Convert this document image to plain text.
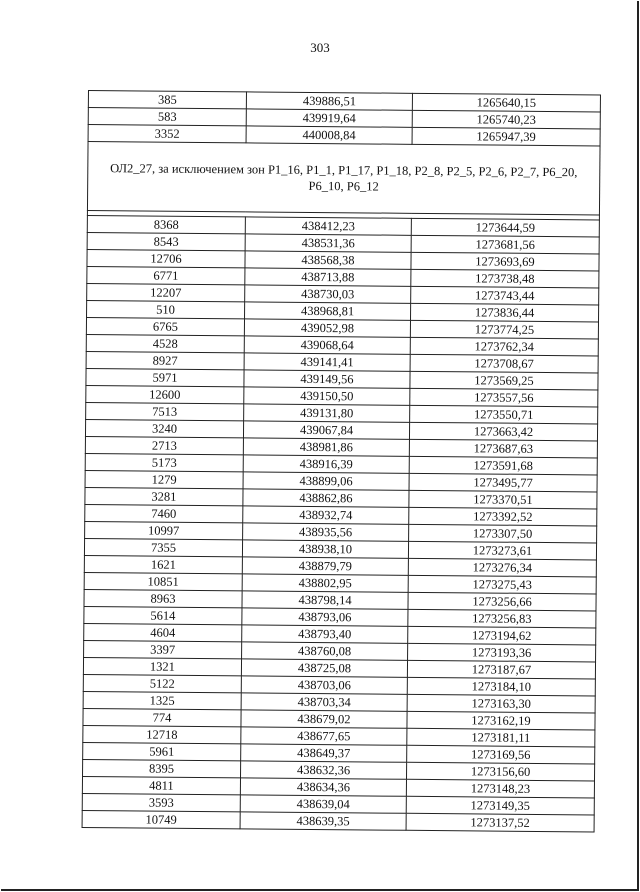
303
385	439886,51	1265640,15
583	439919,64	1265740,23
3352	440008,84	1265947,39
ОЛ2_27, за исключением зон Р1_16, Р1_1, Р1_17, Р1_18, Р2_8, Р2_5, Р2_6, Р2_7, Р6_20, Р6_10, Р6_12		

8368	438412,23	1273644,59
8543	438531,36	1273681,56
12706	438568,38	1273693,69
6771	438713,88	1273738,48
12207	438730,03	1273743,44
510	438968,81	1273836,44
6765	439052,98	1273774,25
4528	439068,64	1273762,34
8927	439141,41	1273708,67
5971	439149,56	1273569,25
12600	439150,50	1273557,56
7513	439131,80	1273550,71
3240	439067,84	1273663,42
2713	438981,86	1273687,63
5173	438916,39	1273591,68
1279	438899,06	1273495,77
3281	438862,86	1273370,51
7460	438932,74	1273392,52
10997	438935,56	1273307,50
7355	438938,10	1273273,61
1621	438879,79	1273276,34
10851	438802,95	1273275,43
8963	438798,14	1273256,66
5614	438793,06	1273256,83
4604	438793,40	1273194,62
3397	438760,08	1273193,36
1321	438725,08	1273187,67
5122	438703,06	1273184,10
1325	438703,34	1273163,30
774	438679,02	1273162,19
12718	438677,65	1273181,11
5961	438649,37	1273169,56
8395	438632,36	1273156,60
4811	438634,36	1273148,23
3593	438639,04	1273149,35
10749	438639,35	1273137,52
